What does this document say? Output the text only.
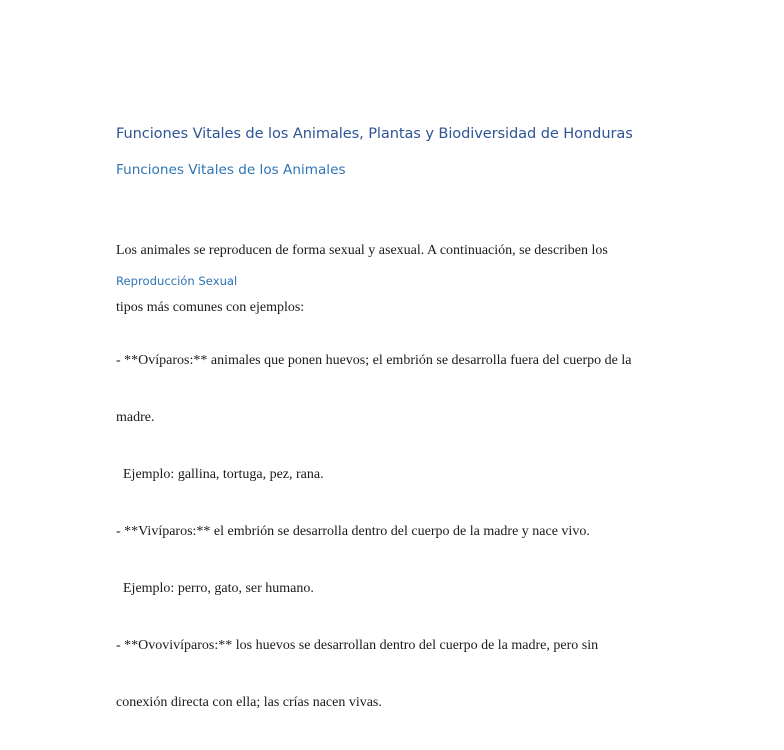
Funciones Vitales de los Animales, Plantas y Biodiversidad de Honduras
Funciones Vitales de los Animales

Los animales se reproducen de forma sexual y asexual. A continuación, se describen los

tipos más comunes con ejemplos:

Reproducción Sexual

- **Ovíparos:** animales que ponen huevos; el embrión se desarrolla fuera del cuerpo de la

madre.

Ejemplo: gallina, tortuga, pez, rana.

- **Vivíparos:** el embrión se desarrolla dentro del cuerpo de la madre y nace vivo.

Ejemplo: perro, gato, ser humano.

- **Ovovivíparos:** los huevos se desarrollan dentro del cuerpo de la madre, pero sin

conexión directa con ella; las crías nacen vivas.
